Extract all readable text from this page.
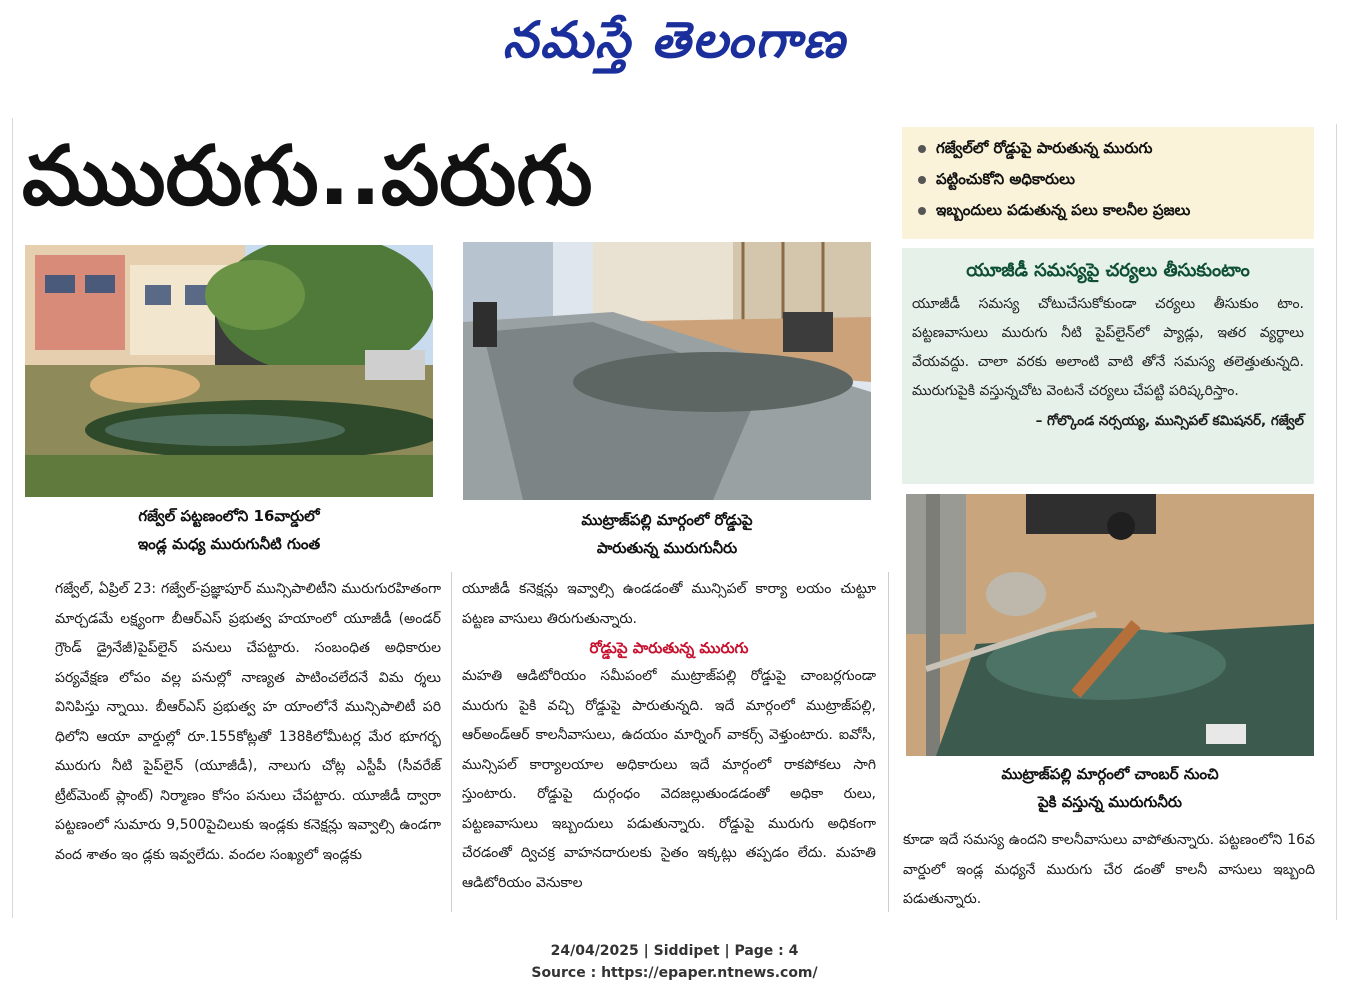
నమస్తే తెలంగాణ
ముురుగు..పరుగు	గజ్వేల్‌లో రోడ్డుపై పారుతున్న మురుగు
పట్టించుకోని అధికారులు
ఇబ్బందులు పడుతున్న పలు కాలనీల ప్రజలు
యూజీడీ సమస్యపై చర్యలు తీసుకుంటాం
యూజీడీ సమస్య చోటుచేసుకోకుండా చర్యలు తీసుకుం టాం. పట్టణవాసులు మురుగు నీటి పైప్‌లైన్‌లో ప్యాడ్లు, ఇతర వ్యర్థాలు వేయవద్దు. చాలా వరకు అలాంటి వాటి తోనే సమస్య తలెత్తుతున్నది. మురుగుపైకి వస్తున్నచోట వెంటనే చర్యలు చేపట్టి పరిష్కరిస్తాం.
– గోల్కొండ నర్సయ్య, మున్సిపల్ కమిషనర్, గజ్వేల్
గజ్వేల్ పట్టణంలోని 16వార్డులో
ఇండ్ల మధ్య మురుగునీటి గుంత
ముట్రాజ్‌పల్లి మార్గంలో రోడ్డుపై
పారుతున్న మురుగునీరు
ముట్రాజ్‌పల్లి మార్గంలో చాంబర్ నుంచి
పైకి వస్తున్న మురుగునీరు
గజ్వేల్, ఏప్రిల్ 23: గజ్వేల్-ప్రజ్ఞాపూర్ మున్సిపాలిటీని మురుగురహితంగా మార్చడమే లక్ష్యంగా బీఆర్ఎస్ ప్రభుత్వ హయాంలో యూజీడీ (అండర్ గ్రౌండ్ డ్రైనేజీ)పైప్‌లైన్ పనులు చేపట్టారు. సంబంధిత అధికారుల పర్యవేక్షణ లోపం వల్ల పనుల్లో నాణ్యత పాటించలేదనే విమ ర్శలు వినిపిస్తు న్నాయి. బీఆర్ఎస్ ప్రభుత్వ హ యాంలోనే మున్సిపాలిటీ పరి ధిలోని ఆయా వార్డుల్లో రూ.155కోట్లతో 138కిలోమీటర్ల మేర భూగర్భ మురుగు నీటి పైప్‌లైన్ (యూజీడీ), నాలుగు చోట్ల ఎస్టీపీ (సీవరేజ్ ట్రీట్‌మెంట్ ప్లాంట్) నిర్మాణం కోసం పనులు చేపట్టారు. యూజీడీ ద్వారా పట్టణంలో సుమారు 9,500పైచిలుకు ఇండ్లకు కనెక్షన్లు ఇవ్వాల్సి ఉండగా వంద శాతం ఇం డ్లకు ఇవ్వలేదు. వందల సంఖ్యలో ఇండ్లకు
యూజీడీ కనెక్షన్లు ఇవ్వాల్సి ఉండడంతో మున్సిపల్ కార్యా లయం చుట్టూ పట్టణ వాసులు తిరుగుతున్నారు.
రోడ్డుపై పారుతున్న మురుగు
మహతి ఆడిటోరియం సమీపంలో ముట్రాజ్‌పల్లి రోడ్డుపై చాంబర్లగుండా మురుగు పైకి వచ్చి రోడ్డుపై పారుతున్నది. ఇదే మార్గంలో ముట్రాజ్‌పల్లి, ఆర్అండ్ఆర్ కాలనీవాసులు, ఉదయం మార్నింగ్ వాకర్స్ వెళ్తుంటారు. ఐవోసీ, మున్సిపల్ కార్యాలయాల అధికారులు ఇదే మార్గంలో రాకపోకలు సాగి స్తుంటారు. రోడ్డుపై దుర్గంధం వెదజల్లుతుండడంతో అధికా రులు, పట్టణవాసులు ఇబ్బందులు పడుతున్నారు. రోడ్డుపై మురుగు అధికంగా చేరడంతో ద్విచక్ర వాహనదారులకు సైతం ఇక్కట్లు తప్పడం లేదు. మహతి ఆడిటోరియం వెనుకాల
కూడా ఇదే సమస్య ఉందని కాలనీవాసులు వాపోతున్నారు. పట్టణంలోని 16వ వార్డులో ఇండ్ల మధ్యనే మురుగు చేర డంతో కాలనీ వాసులు ఇబ్బంది పడుతున్నారు.
24/04/2025 | Siddipet | Page : 4
Source : https://epaper.ntnews.com/
